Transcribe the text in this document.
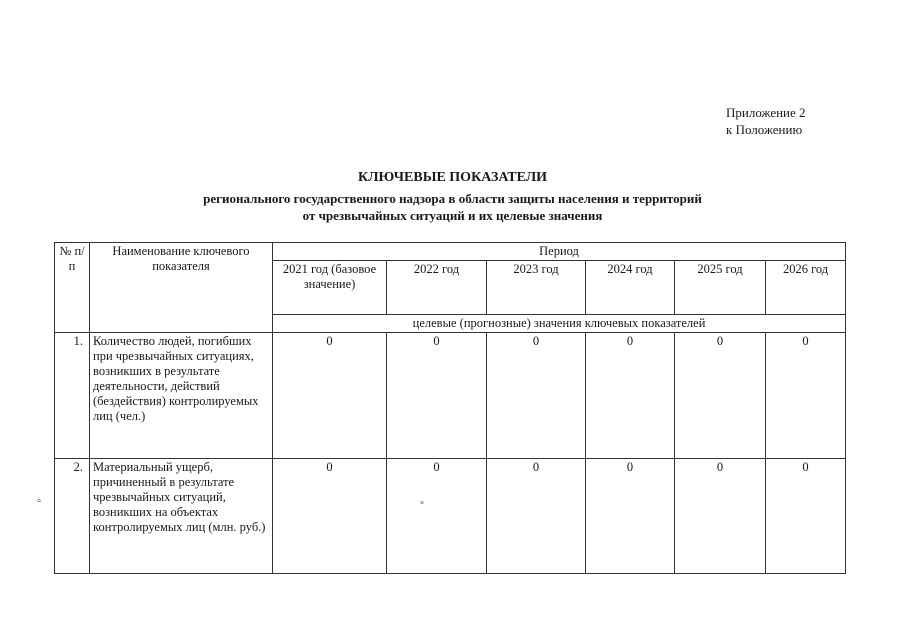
Приложение 2
к Положению
КЛЮЧЕВЫЕ ПОКАЗАТЕЛИ
регионального государственного надзора в области защиты населения и территорий
от чрезвычайных ситуаций и их целевые значения
№ п/п	Наименование ключевого показателя	Период					
		2021 год (базовое значение)	2022 год	2023 год	2024 год	2025 год	2026 год
		целевые (прогнозные) значения ключевых показателей					
1.	Количество людей, погибших при чрезвычайных ситуациях, возникших в результате деятельности, действий (бездействия) контролируемых лиц (чел.)	0	0	0	0	0	0
2.	Материальный ущерб, причиненный в результате чрезвычайных ситуаций, возникших на объектах контролируемых лиц (млн. руб.)	0	0	0	0	0	0
°	°
